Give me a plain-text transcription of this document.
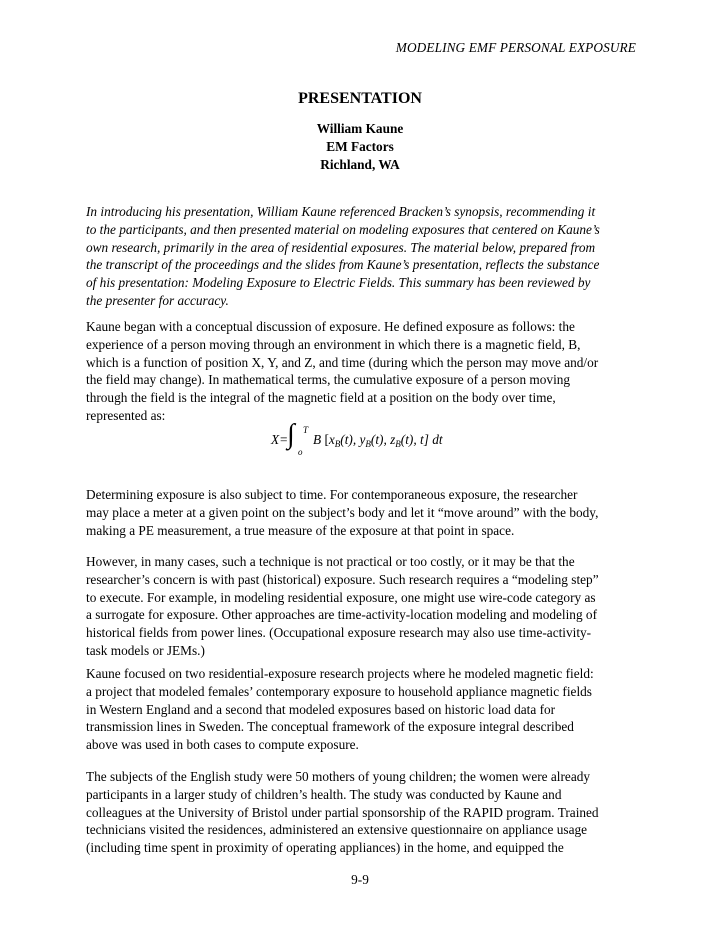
MODELING EMF PERSONAL EXPOSURE
PRESENTATION
William Kaune
EM Factors
Richland, WA
In introducing his presentation, William Kaune referenced Bracken’s synopsis, recommending it
to the participants, and then presented material on modeling exposures that centered on Kaune’s
own research, primarily in the area of residential exposures. The material below, prepared from
the transcript of the proceedings and the slides from Kaune’s presentation, reflects the substance
of his presentation: Modeling Exposure to Electric Fields. This summary has been reviewed by
the presenter for accuracy.
Kaune began with a conceptual discussion of exposure. He defined exposure as follows: the
experience of a person moving through an environment in which there is a magnetic field, B,
which is a function of position X, Y, and Z, and time (during which the person may move and/or
the field may change). In mathematical terms, the cumulative exposure of a person moving
through the field is the integral of the magnetic field at a position on the body over time,
represented as:
X=
∫ T
o
B [$x_B(t)$, $y_B(t)$, $z_B(t)$, t] dt
Determining exposure is also subject to time. For contemporaneous exposure, the researcher
may place a meter at a given point on the subject’s body and let it “move around” with the body,
making a PE measurement, a true measure of the exposure at that point in space.
However, in many cases, such a technique is not practical or too costly, or it may be that the
researcher’s concern is with past (historical) exposure. Such research requires a “modeling step”
to execute. For example, in modeling residential exposure, one might use wire-code category as
a surrogate for exposure. Other approaches are time-activity-location modeling and modeling of
historical fields from power lines. (Occupational exposure research may also use time-activity-
task models or JEMs.)
Kaune focused on two residential-exposure research projects where he modeled magnetic field:
a project that modeled females’ contemporary exposure to household appliance magnetic fields
in Western England and a second that modeled exposures based on historic load data for
transmission lines in Sweden. The conceptual framework of the exposure integral described
above was used in both cases to compute exposure.
The subjects of the English study were 50 mothers of young children; the women were already
participants in a larger study of children’s health. The study was conducted by Kaune and
colleagues at the University of Bristol under partial sponsorship of the RAPID program. Trained
technicians visited the residences, administered an extensive questionnaire on appliance usage
(including time spent in proximity of operating appliances) in the home, and equipped the
9-9
